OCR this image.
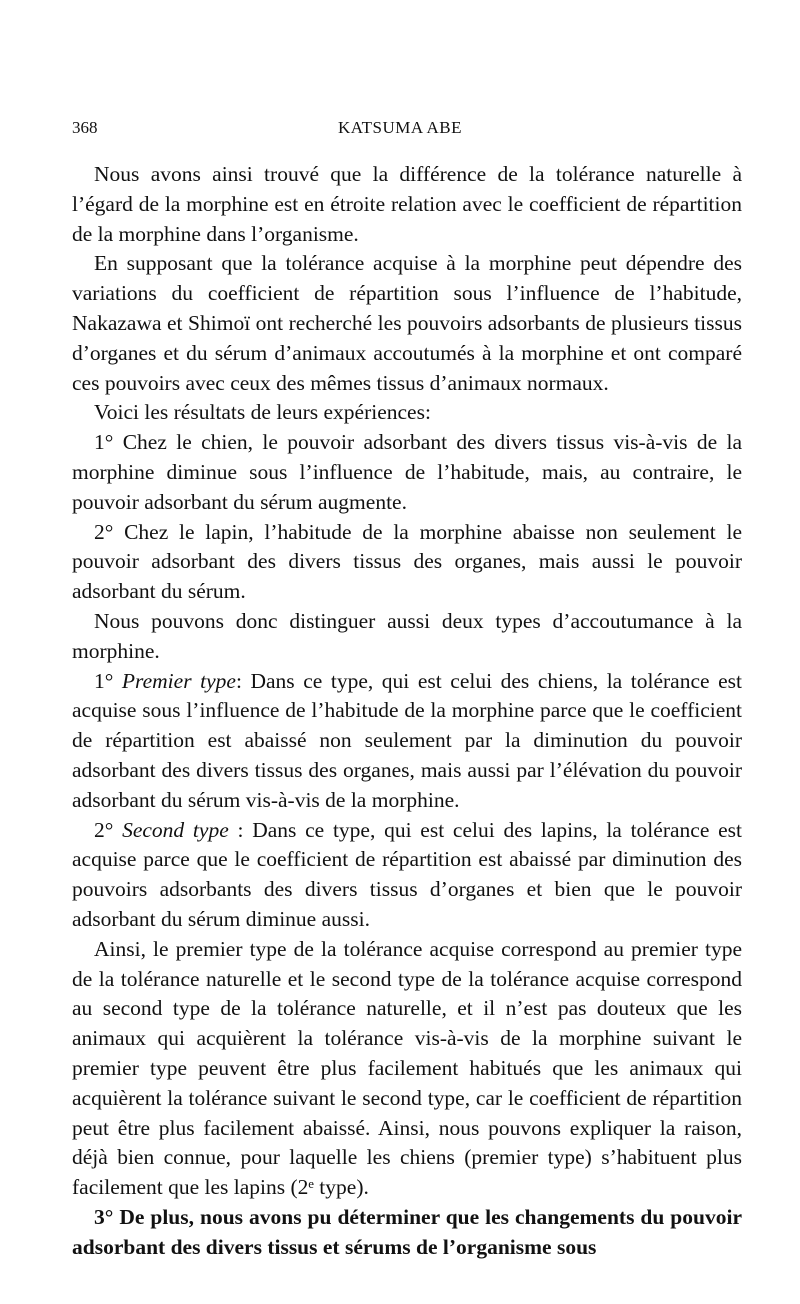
368	KATSUMA ABE

Nous avons ainsi trouvé que la différence de la tolérance naturelle à l’égard de la morphine est en étroite relation avec le coefficient de répartition de la morphine dans l’organisme.

En supposant que la tolérance acquise à la morphine peut dépendre des variations du coefficient de répartition sous l’influence de l’habitude, Nakazawa et Shimoï ont recherché les pouvoirs adsorbants de plusieurs tissus d’organes et du sérum d’animaux accoutumés à la morphine et ont comparé ces pouvoirs avec ceux des mêmes tissus d’animaux normaux.

Voici les résultats de leurs expériences:

1° Chez le chien, le pouvoir adsorbant des divers tissus vis-à-vis de la morphine diminue sous l’influence de l’habitude, mais, au contraire, le pouvoir adsorbant du sérum augmente.

2° Chez le lapin, l’habitude de la morphine abaisse non seulement le pouvoir adsorbant des divers tissus des organes, mais aussi le pouvoir adsorbant du sérum.

Nous pouvons donc distinguer aussi deux types d’accoutumance à la morphine.

1° Premier type: Dans ce type, qui est celui des chiens, la tolérance est acquise sous l’influence de l’habitude de la morphine parce que le coefficient de répartition est abaissé non seulement par la diminution du pouvoir adsorbant des divers tissus des organes, mais aussi par l’élévation du pouvoir adsorbant du sérum vis-à-vis de la morphine.

2° Second type : Dans ce type, qui est celui des lapins, la tolérance est acquise parce que le coefficient de répartition est abaissé par diminution des pouvoirs adsorbants des divers tissus d’organes et bien que le pouvoir adsorbant du sérum diminue aussi.

Ainsi, le premier type de la tolérance acquise correspond au premier type de la tolérance naturelle et le second type de la tolérance acquise correspond au second type de la tolérance naturelle, et il n’est pas douteux que les animaux qui acquièrent la tolérance vis-à-vis de la morphine suivant le premier type peuvent être plus facilement habitués que les animaux qui acquièrent la tolérance suivant le second type, car le coefficient de répartition peut être plus facilement abaissé. Ainsi, nous pouvons expliquer la raison, déjà bien connue, pour laquelle les chiens (premier type) s’habituent plus facilement que les lapins (2ᵉ type).

3° De plus, nous avons pu déterminer que les changements du pouvoir adsorbant des divers tissus et sérums de l’organisme sous
